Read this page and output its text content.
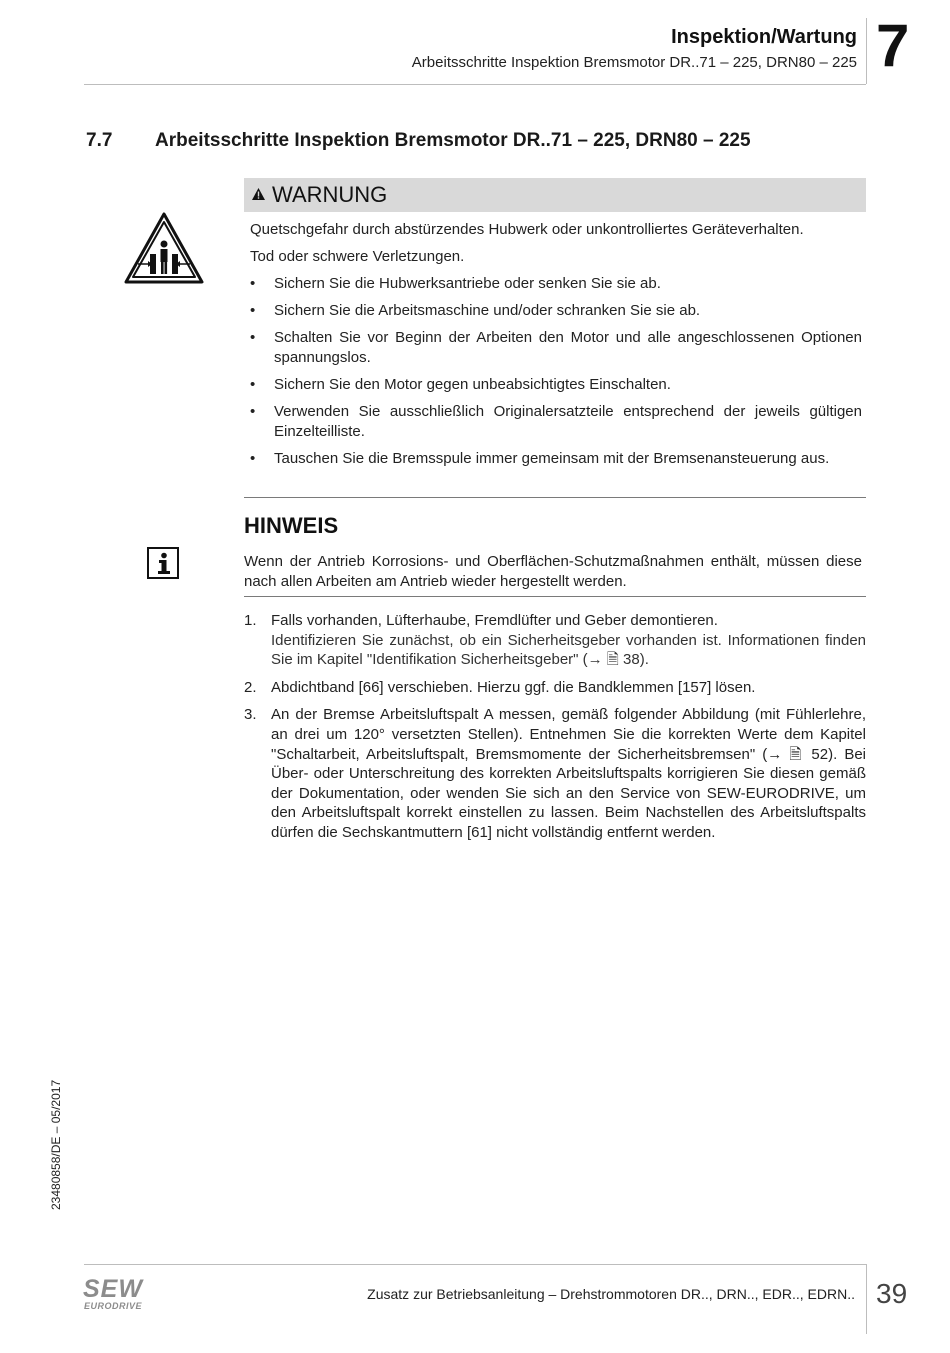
Inspektion/Wartung
Arbeitsschritte Inspektion Bremsmotor DR..71 – 225, DRN80 – 225 7
7.7 Arbeitsschritte Inspektion Bremsmotor DR..71 – 225, DRN80 – 225
WARNUNG

Quetschgefahr durch abstürzendes Hubwerk oder unkontrolliertes Geräteverhalten.

Tod oder schwere Verletzungen.

• Sichern Sie die Hubwerksantriebe oder senken Sie sie ab.
• Sichern Sie die Arbeitsmaschine und/oder schranken Sie sie ab.
• Schalten Sie vor Beginn der Arbeiten den Motor und alle angeschlossenen Optionen spannungslos.
• Sichern Sie den Motor gegen unbeabsichtigtes Einschalten.
• Verwenden Sie ausschließlich Originalersatzteile entsprechend der jeweils gültigen Einzelteilliste.
• Tauschen Sie die Bremsspule immer gemeinsam mit der Bremsenansteuerung aus.
HINWEIS
Wenn der Antrieb Korrosions- und Oberflächen-Schutzmaßnahmen enthält, müssen diese nach allen Arbeiten am Antrieb wieder hergestellt werden.
1. Falls vorhanden, Lüfterhaube, Fremdlüfter und Geber demontieren.
Identifizieren Sie zunächst, ob ein Sicherheitsgeber vorhanden ist. Informationen finden Sie im Kapitel "Identifikation Sicherheitsgeber" (→ 🗎 38).
2. Abdichtband [66] verschieben. Hierzu ggf. die Bandklemmen [157] lösen.
3. An der Bremse Arbeitsluftspalt A messen, gemäß folgender Abbildung (mit Fühlerlehre, an drei um 120° versetzten Stellen). Entnehmen Sie die korrekten Werte dem Kapitel "Schaltarbeit, Arbeitsluftspalt, Bremsmomente der Sicherheitsbremsen" (→ 🗎 52). Bei Über- oder Unterschreitung des korrekten Arbeitsluftspalts korrigieren Sie diesen gemäß der Dokumentation, oder wenden Sie sich an den Service von SEW-EURODRIVE, um den Arbeitsluftspalt korrekt einstellen zu lassen. Beim Nachstellen des Arbeitsluftspalts dürfen die Sechskantmuttern [61] nicht vollständig entfernt werden.
23480858/DE – 05/2017
SEW
EURODRIVE
Zusatz zur Betriebsanleitung – Drehstrommotoren DR.., DRN.., EDR.., EDRN.. 39
